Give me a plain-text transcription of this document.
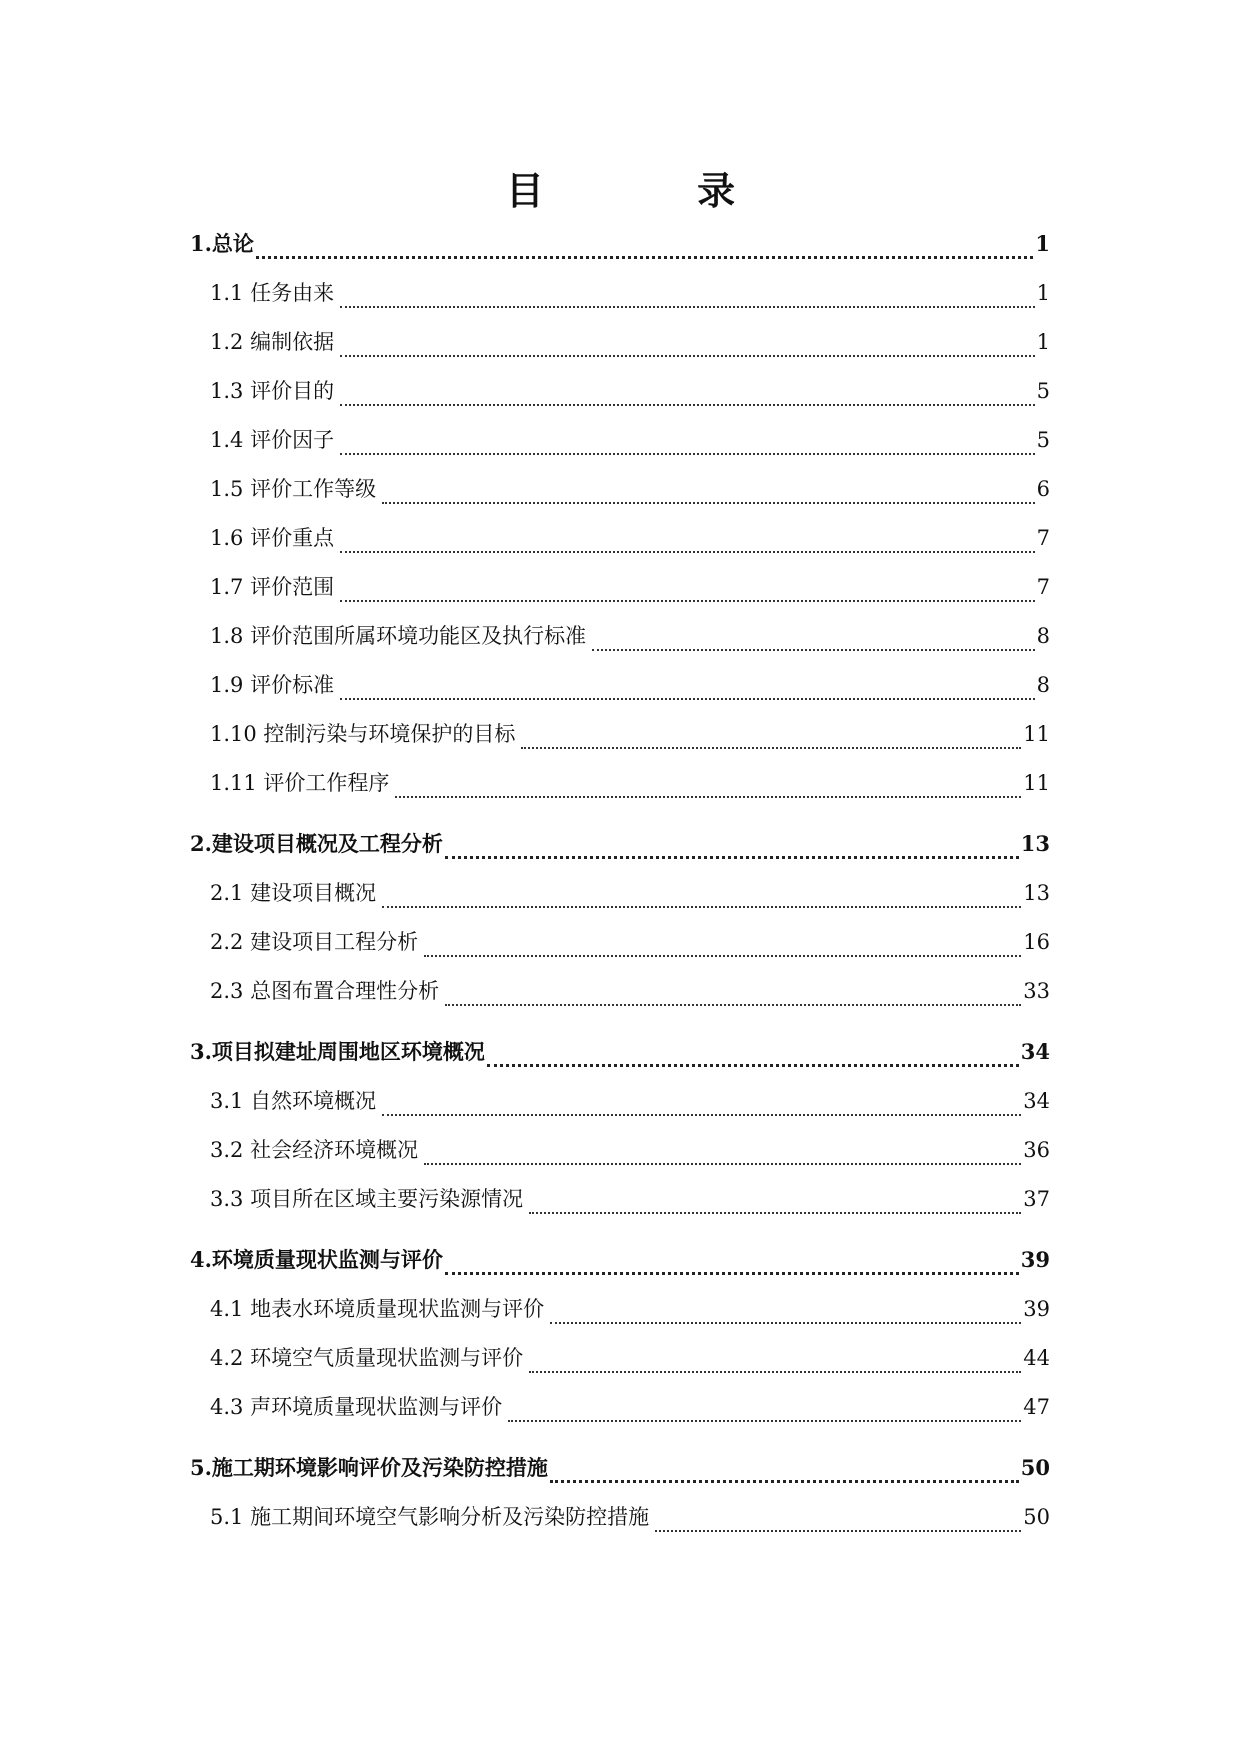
目 录
1.总论	1
1.1 任务由来	1
1.2 编制依据	1
1.3 评价目的	5
1.4 评价因子	5
1.5 评价工作等级	6
1.6 评价重点	7
1.7 评价范围	7
1.8 评价范围所属环境功能区及执行标准	8
1.9 评价标准	8
1.10 控制污染与环境保护的目标	11
1.11 评价工作程序	11
2.建设项目概况及工程分析	13
2.1 建设项目概况	13
2.2 建设项目工程分析	16
2.3 总图布置合理性分析	33
3.项目拟建址周围地区环境概况	34
3.1 自然环境概况	34
3.2 社会经济环境概况	36
3.3 项目所在区域主要污染源情况	37
4.环境质量现状监测与评价	39
4.1 地表水环境质量现状监测与评价	39
4.2 环境空气质量现状监测与评价	44
4.3 声环境质量现状监测与评价	47
5.施工期环境影响评价及污染防控措施	50
5.1 施工期间环境空气影响分析及污染防控措施	50
